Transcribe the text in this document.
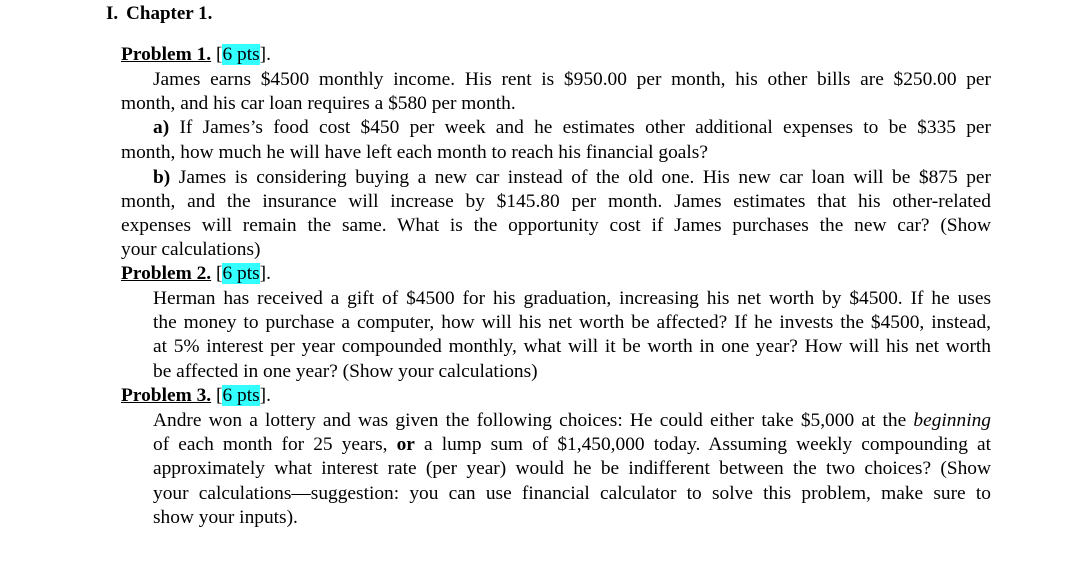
I. Chapter 1.
Problem 1. [6 pts].
James earns $4500 monthly income. His rent is $950.00 per month, his other bills are $250.00 per
month, and his car loan requires a $580 per month.
a) If James’s food cost $450 per week and he estimates other additional expenses to be $335 per
month, how much he will have left each month to reach his financial goals?
b) James is considering buying a new car instead of the old one. His new car loan will be $875 per
month, and the insurance will increase by $145.80 per month. James estimates that his other-related
expenses will remain the same. What is the opportunity cost if James purchases the new car? (Show
your calculations)
Problem 2. [6 pts].
Herman has received a gift of $4500 for his graduation, increasing his net worth by $4500. If he uses
the money to purchase a computer, how will his net worth be affected? If he invests the $4500, instead,
at 5% interest per year compounded monthly, what will it be worth in one year? How will his net worth
be affected in one year? (Show your calculations)
Problem 3. [6 pts].
Andre won a lottery and was given the following choices: He could either take $5,000 at the beginning
of each month for 25 years, or a lump sum of $1,450,000 today. Assuming weekly compounding at
approximately what interest rate (per year) would he be indifferent between the two choices? (Show
your calculations—suggestion: you can use financial calculator to solve this problem, make sure to
show your inputs).
